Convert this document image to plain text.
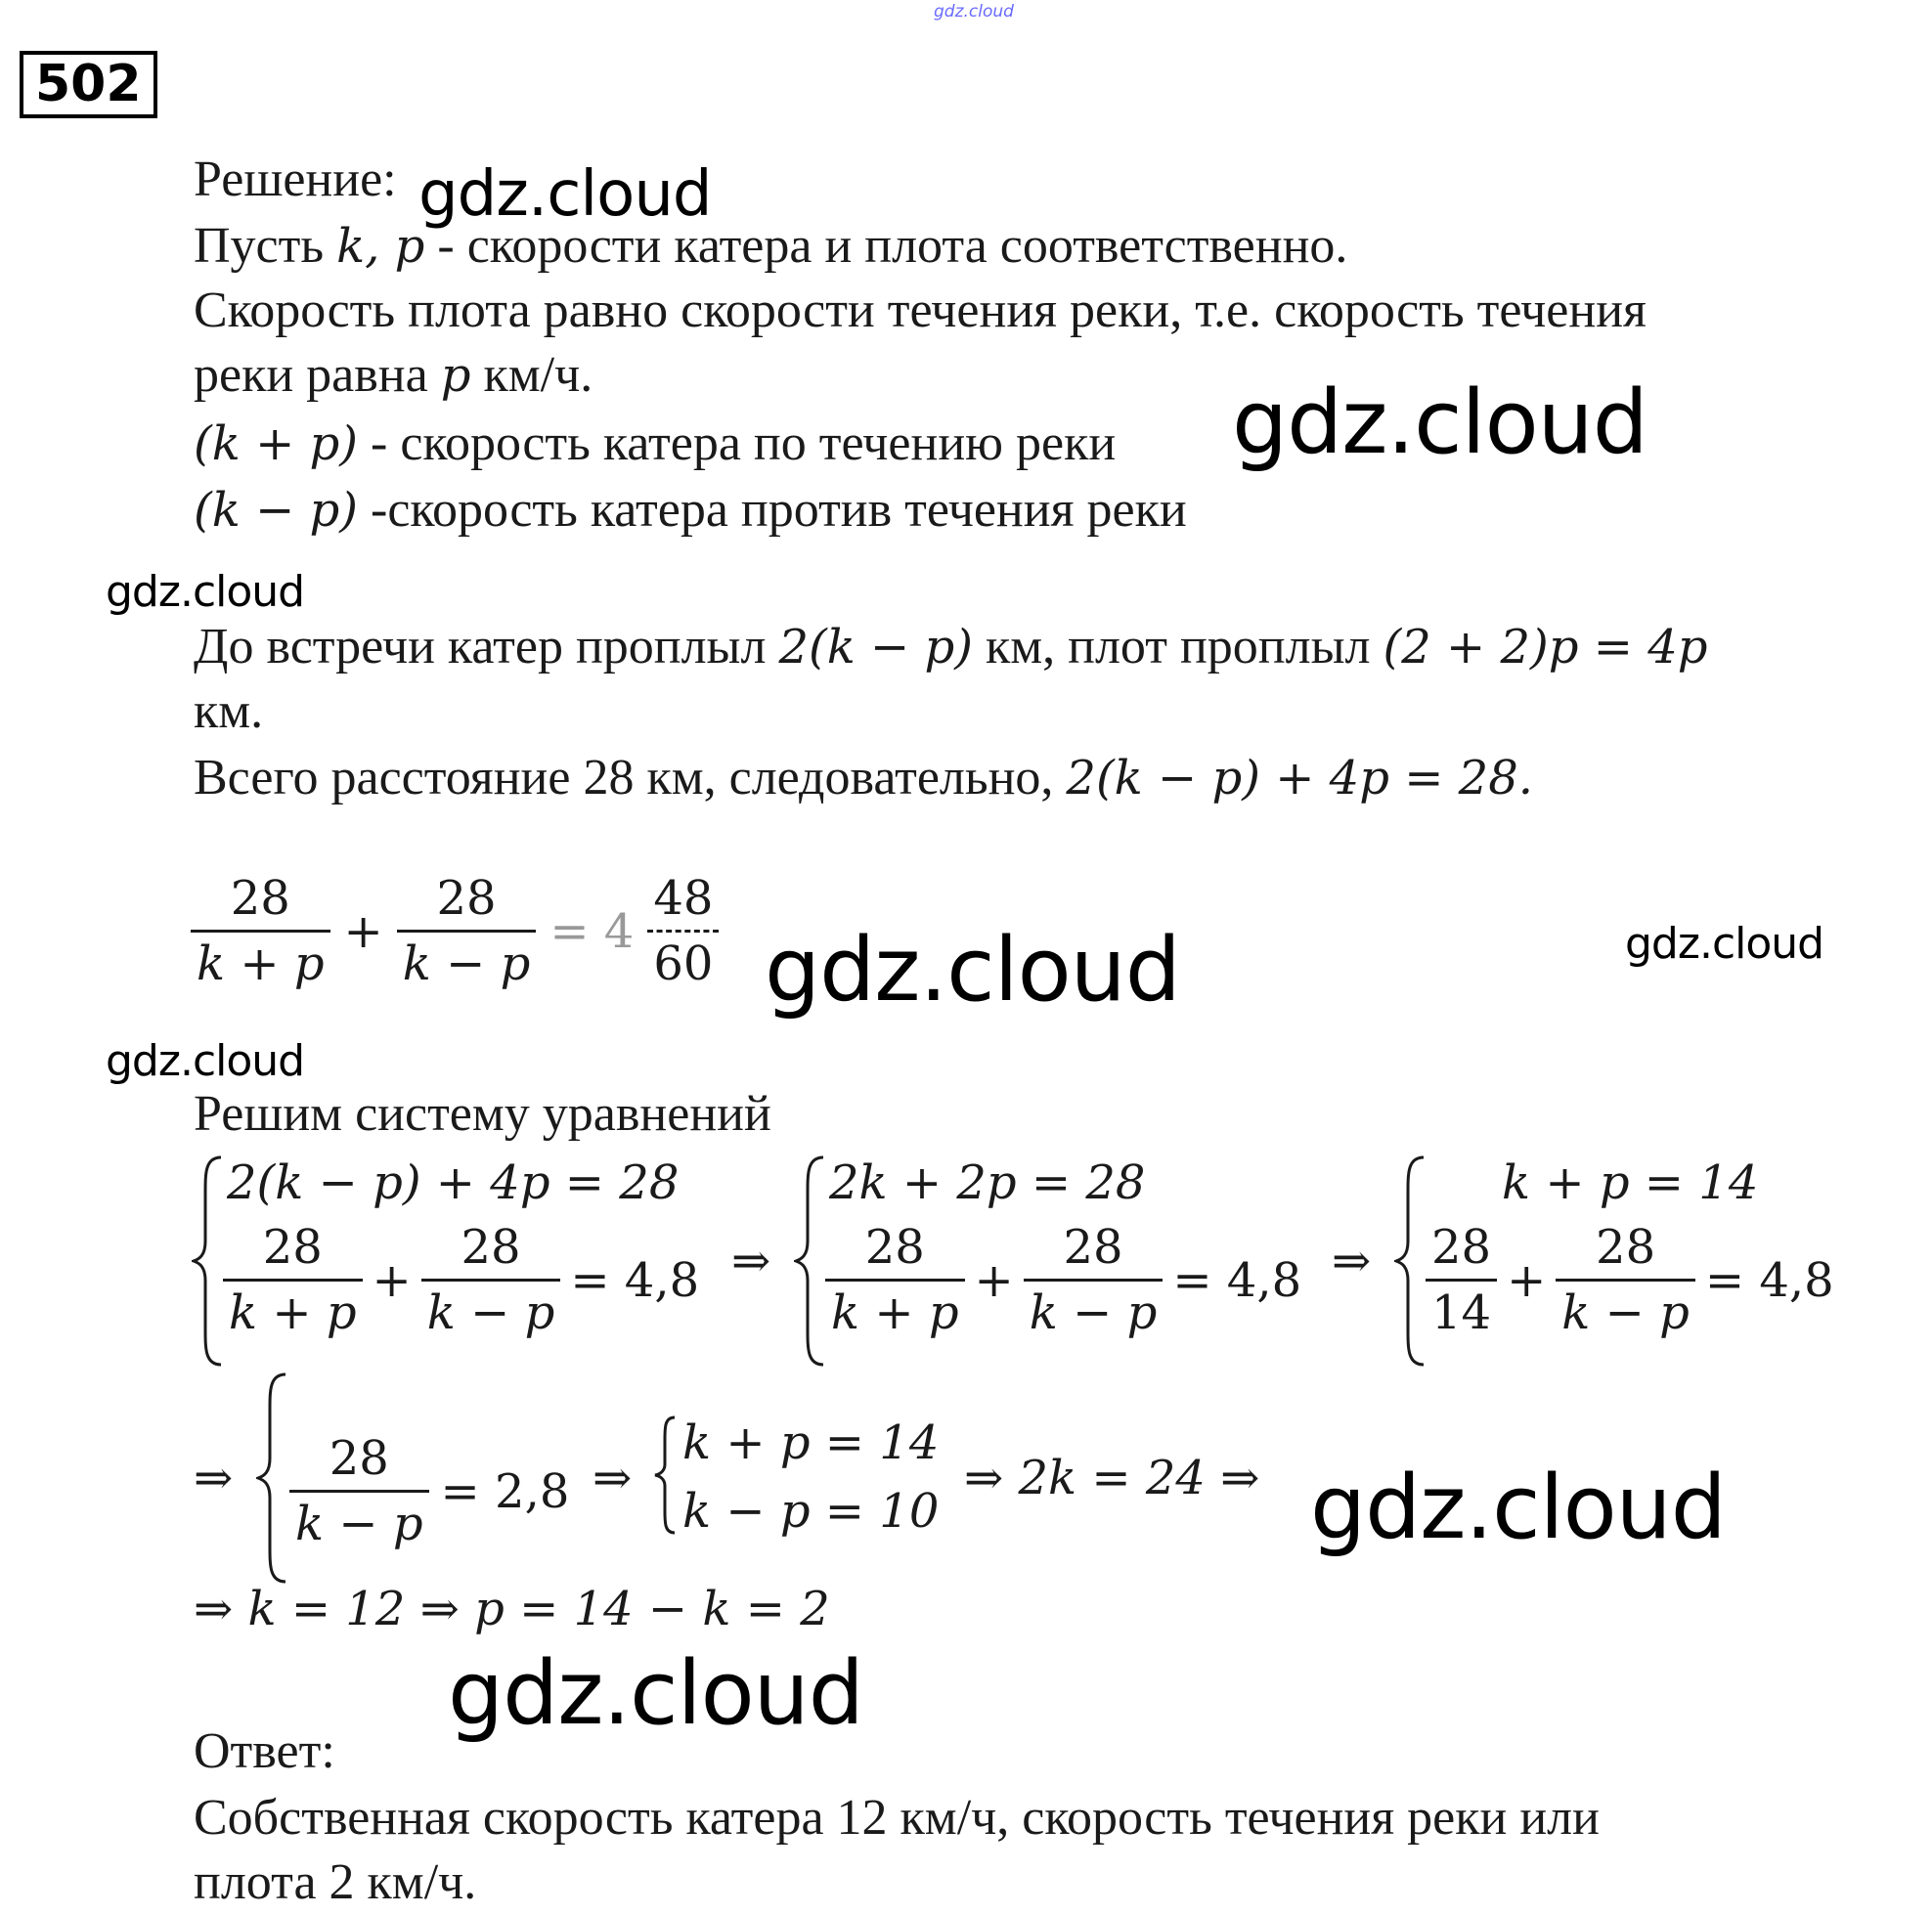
gdz.cloud
502
Решение:
Пусть k, p - скорости катера и плота соответственно.
Скорость плота равно скорости течения реки, т.е. скорость течения
реки равна p км/ч.
(k + p) - скорость катера по течению реки
(k − p) -скорость катера против течения реки
До встречи катер проплыл 2(k − p) км, плот проплыл (2 + 2)p = 4p
км.
Всего расстояние 28 км, следовательно, 2(k − p) + 4p = 28.
$\frac{28}{k + p} + \frac{28}{k - p} = 4 \frac{48}{60}$
Решим систему уравнений
2(k − p) + 4p = 28
$\frac{28}{k + p} + \frac{28}{k - p} = 4,8$ ⇒
2k + 2p = 28
$\frac{28}{k + p} + \frac{28}{k - p} = 4,8$ ⇒
k + p = 14
$\frac{28}{14} + \frac{28}{k - p} = 4,8$
⇒ $\frac{28}{k - p} = 2,8$ ⇒
k + p = 14
k − p = 10
⇒ 2k = 24 ⇒
⇒ k = 12 ⇒ p = 14 − k = 2
Ответ:
Собственная скорость катера 12 км/ч, скорость течения реки или
плота 2 км/ч.
gdz.cloud
gdz.cloud
gdz.cloud
gdz.cloud	gdz.cloud
gdz.cloud
gdz.cloud
gdz.cloud
